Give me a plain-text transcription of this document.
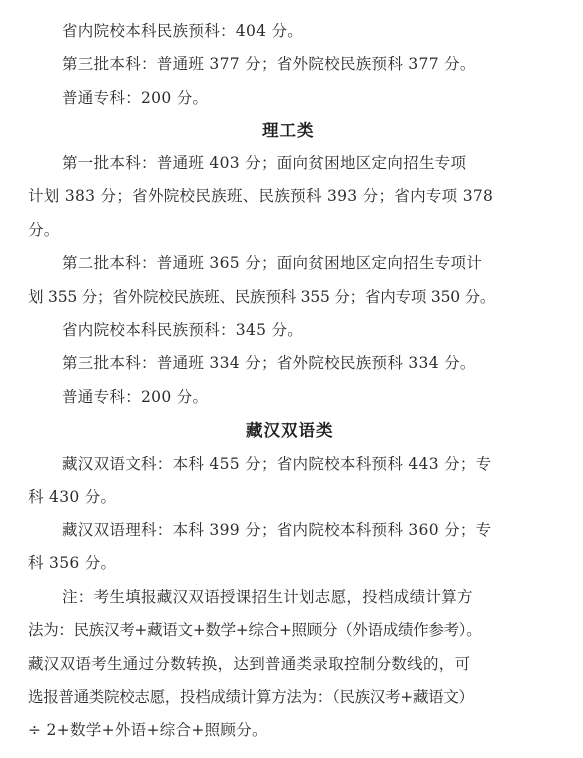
省内院校本科民族预科：404 分。
第三批本科：普通班 377 分；省外院校民族预科 377 分。
普通专科：200 分。
理工类
第一批本科：普通班 403 分；面向贫困地区定向招生专项
计划 383 分；省外院校民族班、民族预科 393 分；省内专项 378
分。
第二批本科：普通班 365 分；面向贫困地区定向招生专项计
划 355 分；省外院校民族班、民族预科 355 分；省内专项 350 分。
省内院校本科民族预科：345 分。
第三批本科：普通班 334 分；省外院校民族预科 334 分。
普通专科：200 分。
藏汉双语类
藏汉双语文科：本科 455 分；省内院校本科预科 443 分；专
科 430 分。
藏汉双语理科：本科 399 分；省内院校本科预科 360 分；专
科 356 分。
注：考生填报藏汉双语授课招生计划志愿，投档成绩计算方
法为：民族汉考+藏语文+数学+综合+照顾分（外语成绩作参考）。
藏汉双语考生通过分数转换，达到普通类录取控制分数线的，可
选报普通类院校志愿，投档成绩计算方法为：（民族汉考+藏语文）
÷ 2+数学+外语+综合+照顾分。
